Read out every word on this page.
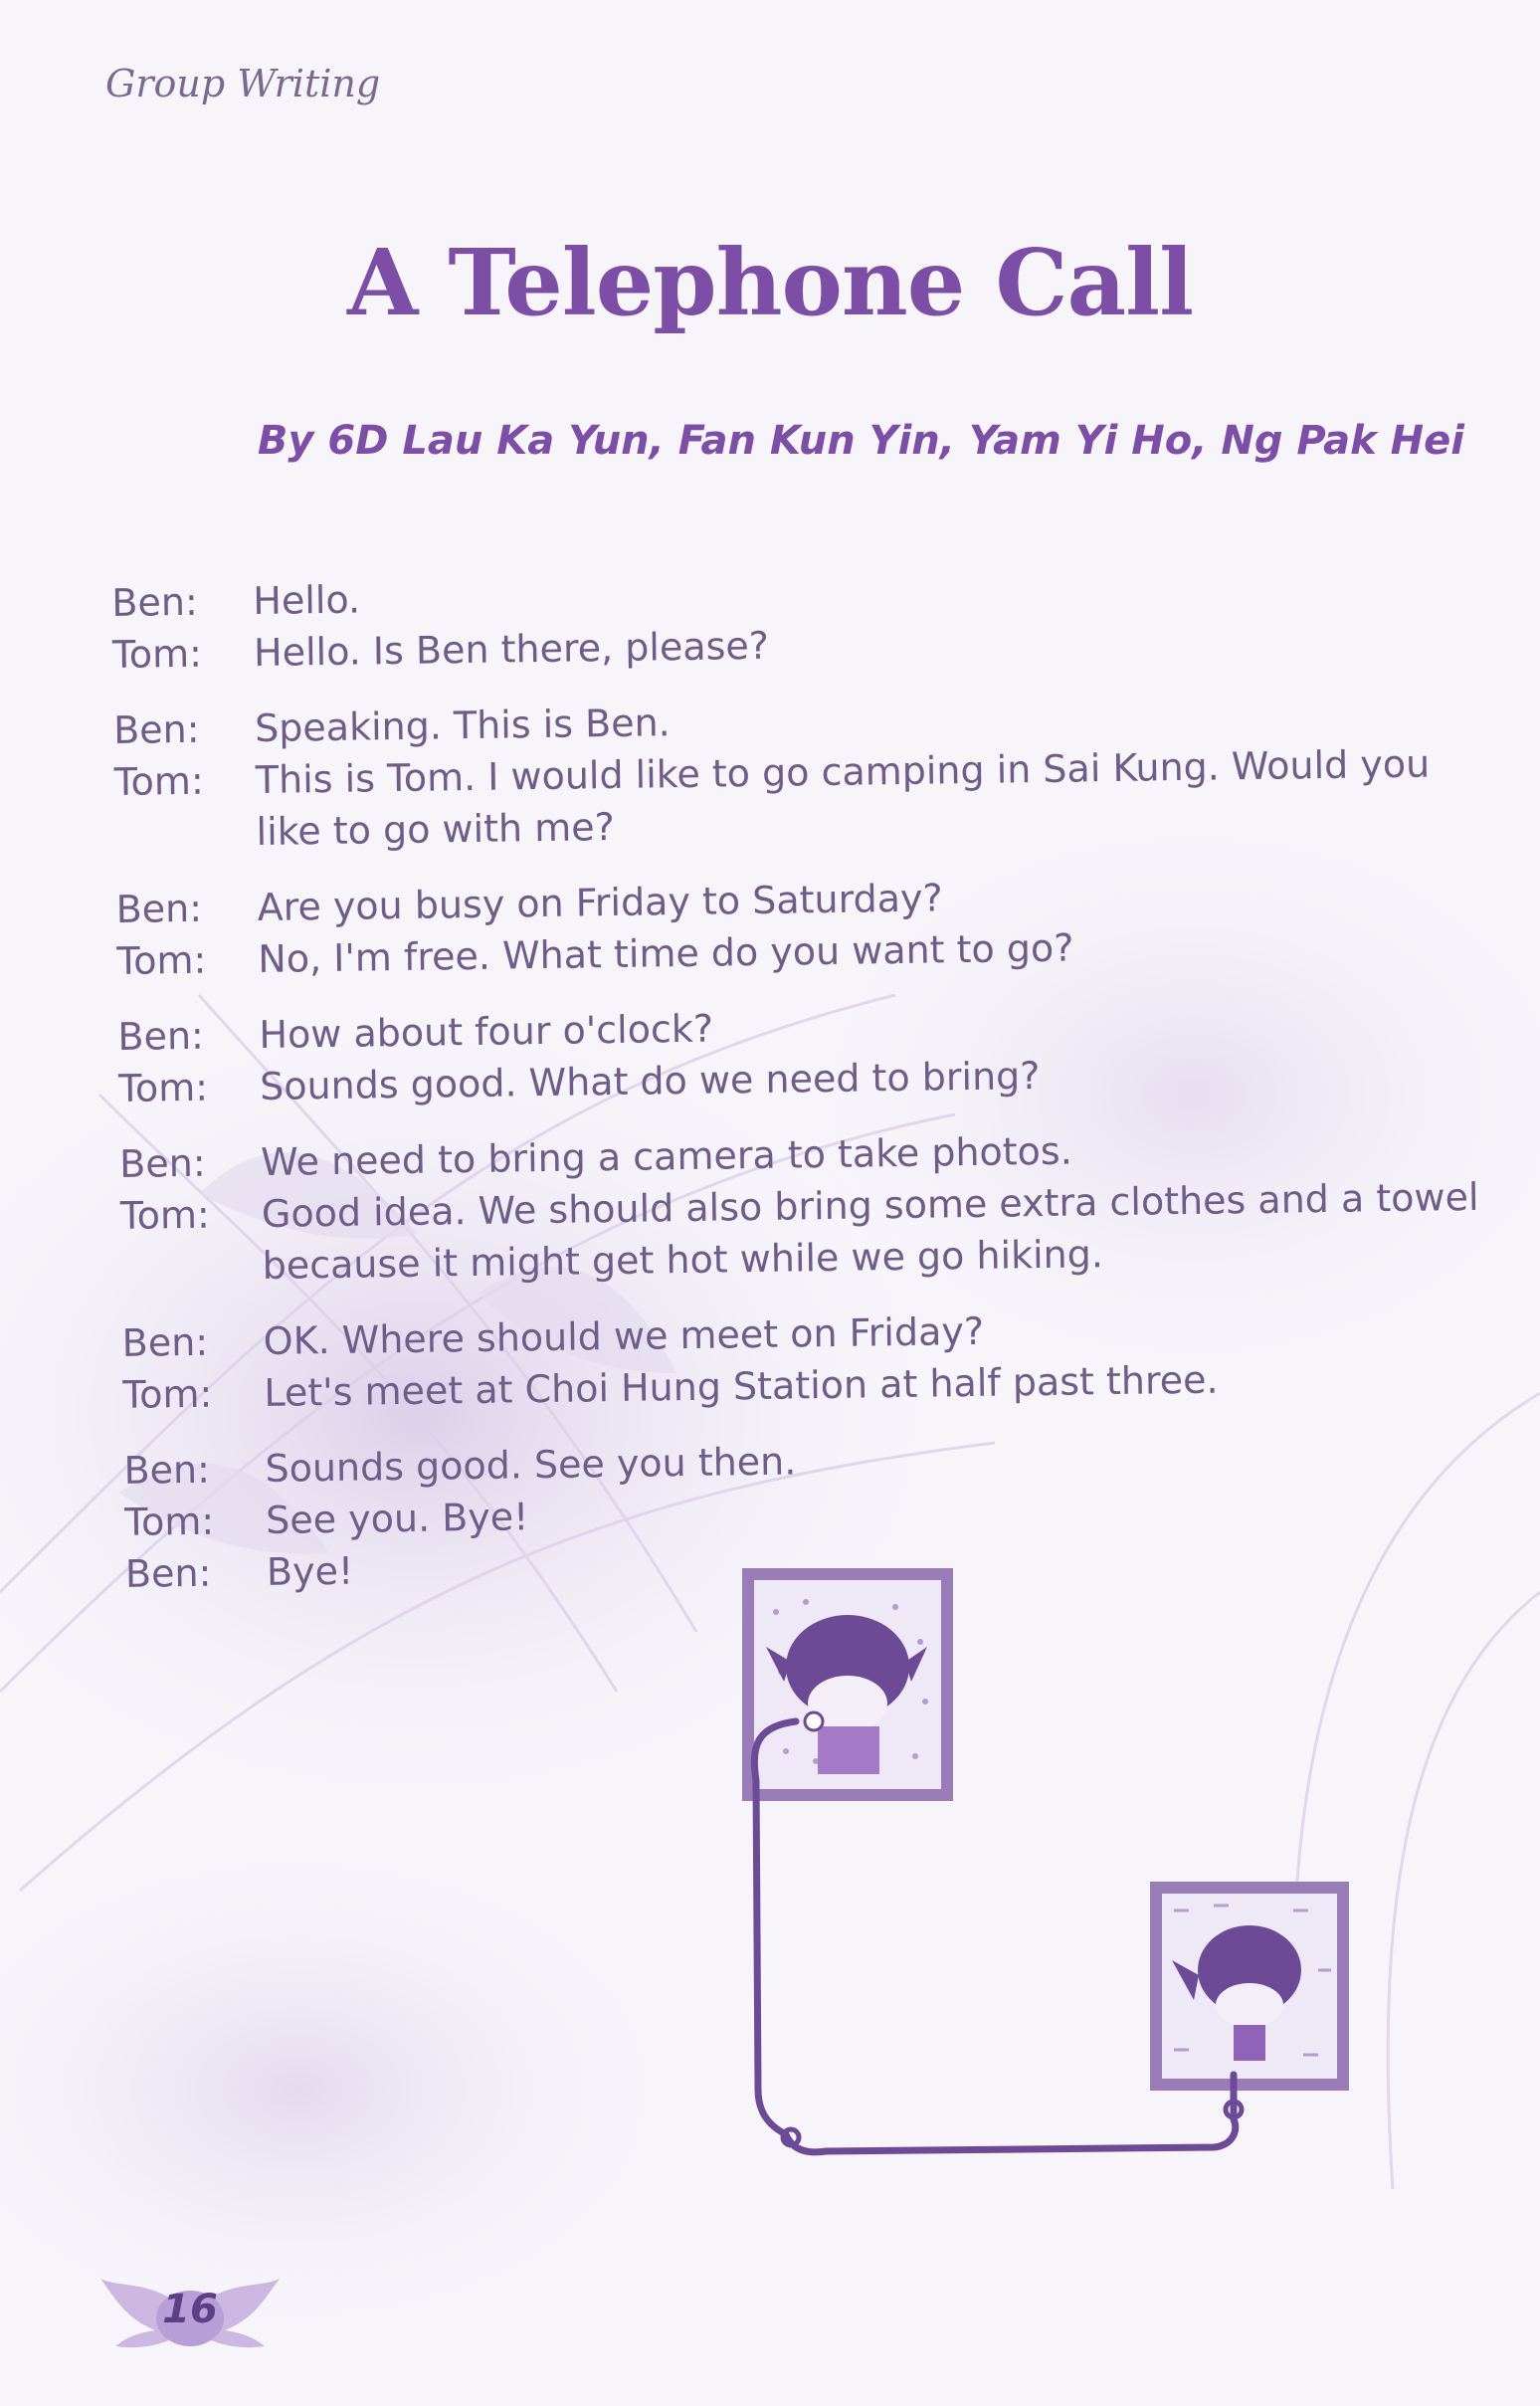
Group Writing

A Telephone Call

By 6D Lau Ka Yun, Fan Kun Yin, Yam Yi Ho, Ng Pak Hei

Ben:	Hello.
Tom:	Hello. Is Ben there, please?
Ben:	Speaking. This is Ben.
Tom:	This is Tom. I would like to go camping in Sai Kung. Would you like to go with me?
Ben:	Are you busy on Friday to Saturday?
Tom:	No, I'm free. What time do you want to go?
Ben:	How about four o'clock?
Tom:	Sounds good. What do we need to bring?
Ben:	We need to bring a camera to take photos.
Tom:	Good idea. We should also bring some extra clothes and a towel because it might get hot while we go hiking.
Ben:	OK. Where should we meet on Friday?
Tom:	Let's meet at Choi Hung Station at half past three.
Ben:	Sounds good. See you then.
Tom:	See you. Bye!
Ben:	Bye!
16
